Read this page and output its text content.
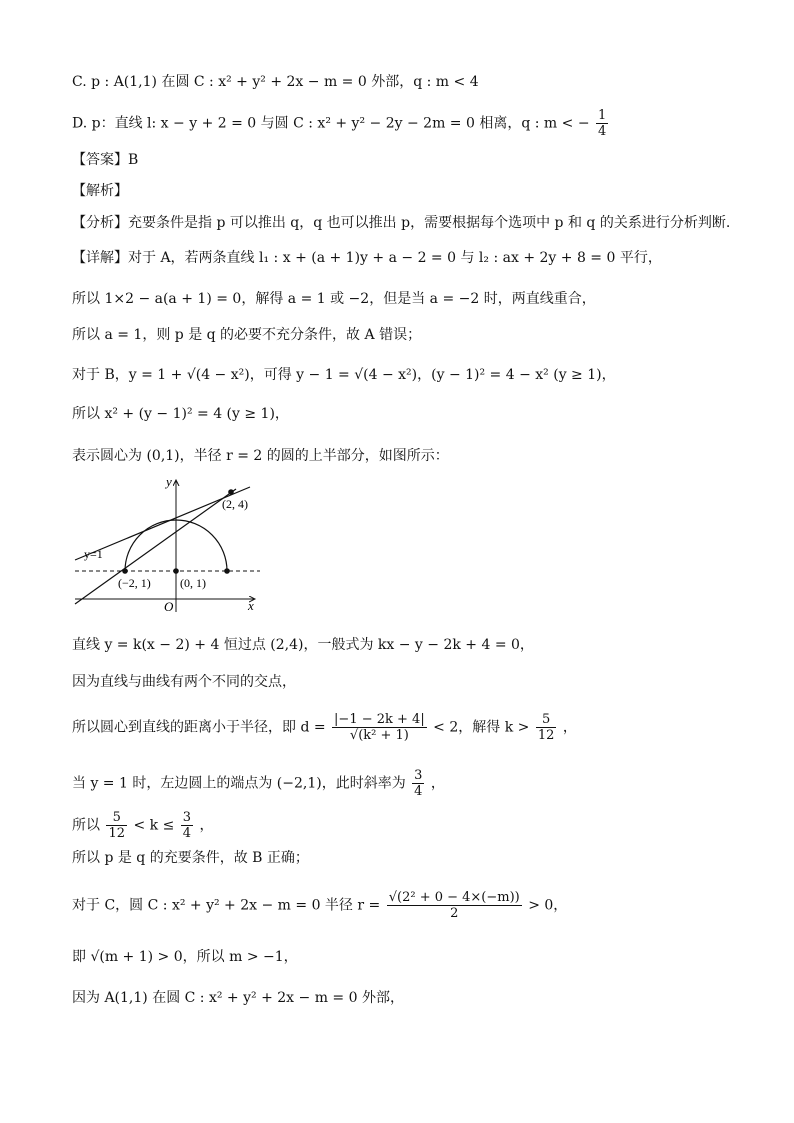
C. p : A(1,1) 在圆 C : x² + y² + 2x − m = 0 外部，q : m < 4
D. p：直线 l: x − y + 2 = 0 与圆 C : x² + y² − 2y − 2m = 0 相离，q : m < − $\frac{1}{4}$
【答案】B
【解析】
【分析】充要条件是指 p 可以推出 q，q 也可以推出 p，需要根据每个选项中 p 和 q 的关系进行分析判断.
【详解】对于 A，若两条直线 l₁ : x + (a + 1)y + a − 2 = 0 与 l₂ : ax + 2y + 8 = 0 平行，
所以 1×2 − a(a + 1) = 0，解得 a = 1 或 −2，但是当 a = −2 时，两直线重合，
所以 a = 1，则 p 是 q 的必要不充分条件，故 A 错误；
对于 B，y = 1 + √(4 − x²)，可得 y − 1 = √(4 − x²)，(y − 1)² = 4 − x² (y ≥ 1)，
所以 x² + (y − 1)² = 4 (y ≥ 1)，
表示圆心为 (0,1)，半径 r = 2 的圆的上半部分，如图所示：
y
x
O
y=1
(−2, 1) (0, 1)
(2, 4)
直线 y = k(x − 2) + 4 恒过点 (2,4)，一般式为 kx − y − 2k + 4 = 0，
因为直线与曲线有两个不同的交点，
所以圆心到直线的距离小于半径，即 $d = \frac{|-1 - 2k + 4|}{\text{√(k² + 1)}} < 2$，解得 $k > \frac{5}{12}$ ，
当 y = 1 时，左边圆上的端点为 (−2,1)，此时斜率为 $\frac{3}{4}$ ，
所以 $\frac{5}{12} < k \le \frac{3}{4}$ ，
所以 p 是 q 的充要条件，故 B 正确；
对于 C，圆 C : x² + y² + 2x − m = 0 半径 $r = \frac{\text{√(2² + 0 − 4×(−m))}}{2} > 0$，
即 √(m + 1) > 0，所以 m > −1，
因为 A(1,1) 在圆 C : x² + y² + 2x − m = 0 外部，
